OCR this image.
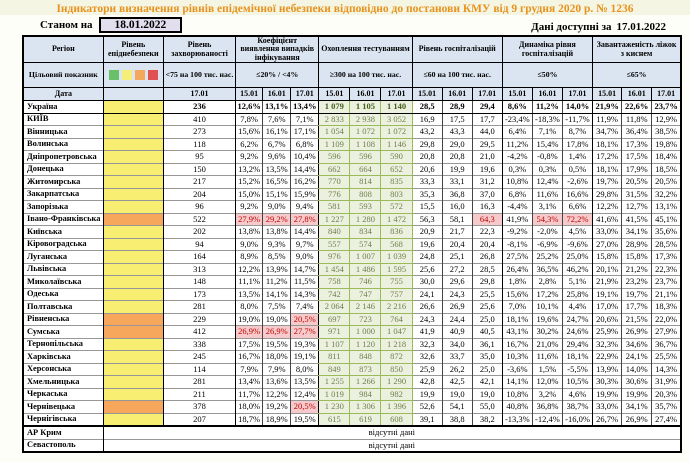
Індикатори визначення рівнів епідемічної небезпеки відповідно до постанови КМУ від 9 грудня 2020 р. № 1236
Станом на	18.01.2022	Дані доступні за 17.01.2022
Регіон	Рівень епіднебезпеки	Рівень захворюваності	Коефіцієнт виявлення випадків інфікування			Охоплення тестуванням			Рівень госпіталізацій			Динаміка рівня госпіталізацій			Завантаженість ліжок з киснем		
Цільовий показник		<75 на 100 тис. нас.	≤20% / <4%			≥300 на 100 тис. нас.			≤60 на 100 тис. нас.			≤50%			≤65%		
Дата		17.01	15.01	16.01	17.01	15.01	16.01	17.01	15.01	16.01	17.01	15.01	16.01	17.01	15.01	16.01	17.01
Україна		236	12,6%	13,1%	13,4%	1 079	1 105	1 140	28,5	28,9	29,4	8,6%	11,2%	14,0%	21,9%	22,6%	23,7%
КИЇВ		410	7,8%	7,6%	7,1%	2 833	2 938	3 052	16,9	17,5	17,7	-23,4%	-18,3%	-11,7%	11,9%	11,8%	12,9%
Вінницька		273	15,6%	16,1%	17,1%	1 054	1 072	1 072	43,2	43,3	44,0	6,4%	7,1%	8,7%	34,7%	36,4%	38,5%
Волинська		118	6,2%	6,7%	6,8%	1 109	1 108	1 146	29,8	29,0	29,5	11,2%	15,4%	17,8%	18,1%	17,3%	19,8%
Дніпропетровська		95	9,2%	9,6%	10,4%	596	596	590	20,8	20,8	21,0	-4,2%	-0,8%	1,4%	17,2%	17,5%	18,4%
Донецька		150	13,2%	13,5%	14,4%	662	664	652	20,6	19,9	19,6	0,3%	0,3%	0,5%	18,1%	17,9%	18,5%
Житомирська		217	15,2%	16,5%	16,2%	770	814	835	33,3	33,1	31,2	10,8%	12,4%	-2,6%	19,7%	20,5%	20,5%
Закарпатська		204	15,0%	15,1%	15,9%	776	808	803	35,3	36,8	37,0	6,8%	11,6%	16,6%	29,8%	31,5%	32,2%
Запорізька		96	9,2%	9,0%	9,4%	581	593	572	15,5	16,0	16,3	-4,4%	3,1%	6,6%	12,2%	12,7%	13,1%
Івано-Франківська		522	27,9%	29,2%	27,8%	1 227	1 280	1 472	56,3	58,1	64,3	41,9%	54,3%	72,2%	41,6%	41,5%	45,1%
Київська		202	13,8%	13,8%	14,4%	840	834	836	20,9	21,7	22,3	-9,2%	-2,0%	4,5%	33,0%	34,1%	35,6%
Кіровоградська		94	9,0%	9,3%	9,7%	557	574	568	19,6	20,4	20,4	-8,1%	-6,9%	-9,6%	27,0%	28,9%	28,5%
Луганська		164	8,9%	8,5%	9,0%	976	1 007	1 039	24,8	25,1	26,8	27,5%	25,2%	25,0%	15,8%	15,8%	17,3%
Львівська		313	12,2%	13,9%	14,7%	1 454	1 486	1 595	25,6	27,2	28,5	26,4%	36,5%	46,2%	20,1%	21,2%	22,3%
Миколаївська		148	11,1%	11,2%	11,5%	758	746	755	30,0	29,6	29,8	1,8%	2,8%	5,1%	21,9%	23,2%	23,7%
Одеська		173	13,5%	14,1%	14,3%	742	747	757	24,1	24,3	25,5	15,6%	17,2%	25,8%	19,1%	19,7%	21,1%
Полтавська		281	8,0%	7,5%	7,4%	2 064	2 146	2 216	26,6	26,9	25,6	7,0%	10,1%	4,4%	17,0%	17,7%	18,3%
Рівненська		229	19,0%	19,0%	20,5%	697	723	764	24,3	24,4	25,0	18,1%	19,6%	24,7%	20,6%	21,5%	22,0%
Сумська		412	26,9%	26,9%	27,7%	971	1 000	1 047	41,9	40,9	40,5	43,1%	30,2%	24,6%	25,9%	26,9%	27,9%
Тернопільська		338	17,5%	19,5%	19,3%	1 107	1 120	1 218	32,3	34,0	36,1	16,7%	21,0%	29,4%	32,3%	34,6%	36,7%
Харківська		245	16,7%	18,0%	19,1%	811	848	872	32,6	33,7	35,0	10,3%	11,6%	18,1%	22,9%	24,1%	25,5%
Херсонська		114	7,9%	7,9%	8,0%	849	873	850	25,9	26,2	25,0	-3,6%	1,5%	-5,5%	13,9%	14,0%	14,3%
Хмельницька		281	13,4%	13,6%	13,5%	1 255	1 266	1 290	42,8	42,5	42,1	14,1%	12,0%	10,5%	30,3%	30,6%	31,9%
Черкаська		211	11,7%	12,2%	12,4%	1 019	984	982	19,9	19,0	19,0	10,8%	3,2%	4,6%	19,9%	19,9%	20,3%
Чернівецька		378	18,0%	19,2%	20,5%	1 230	1 306	1 396	52,6	54,1	55,0	40,8%	36,8%	38,7%	33,0%	34,1%	35,7%
Чернігівська		207	18,7%	18,9%	19,5%	615	619	608	39,1	38,8	38,2	-13,3%	-12,4%	-16,0%	26,7%	26,9%	27,4%
АР Крим	відсутні дані																
Севастополь	відсутні дані																
